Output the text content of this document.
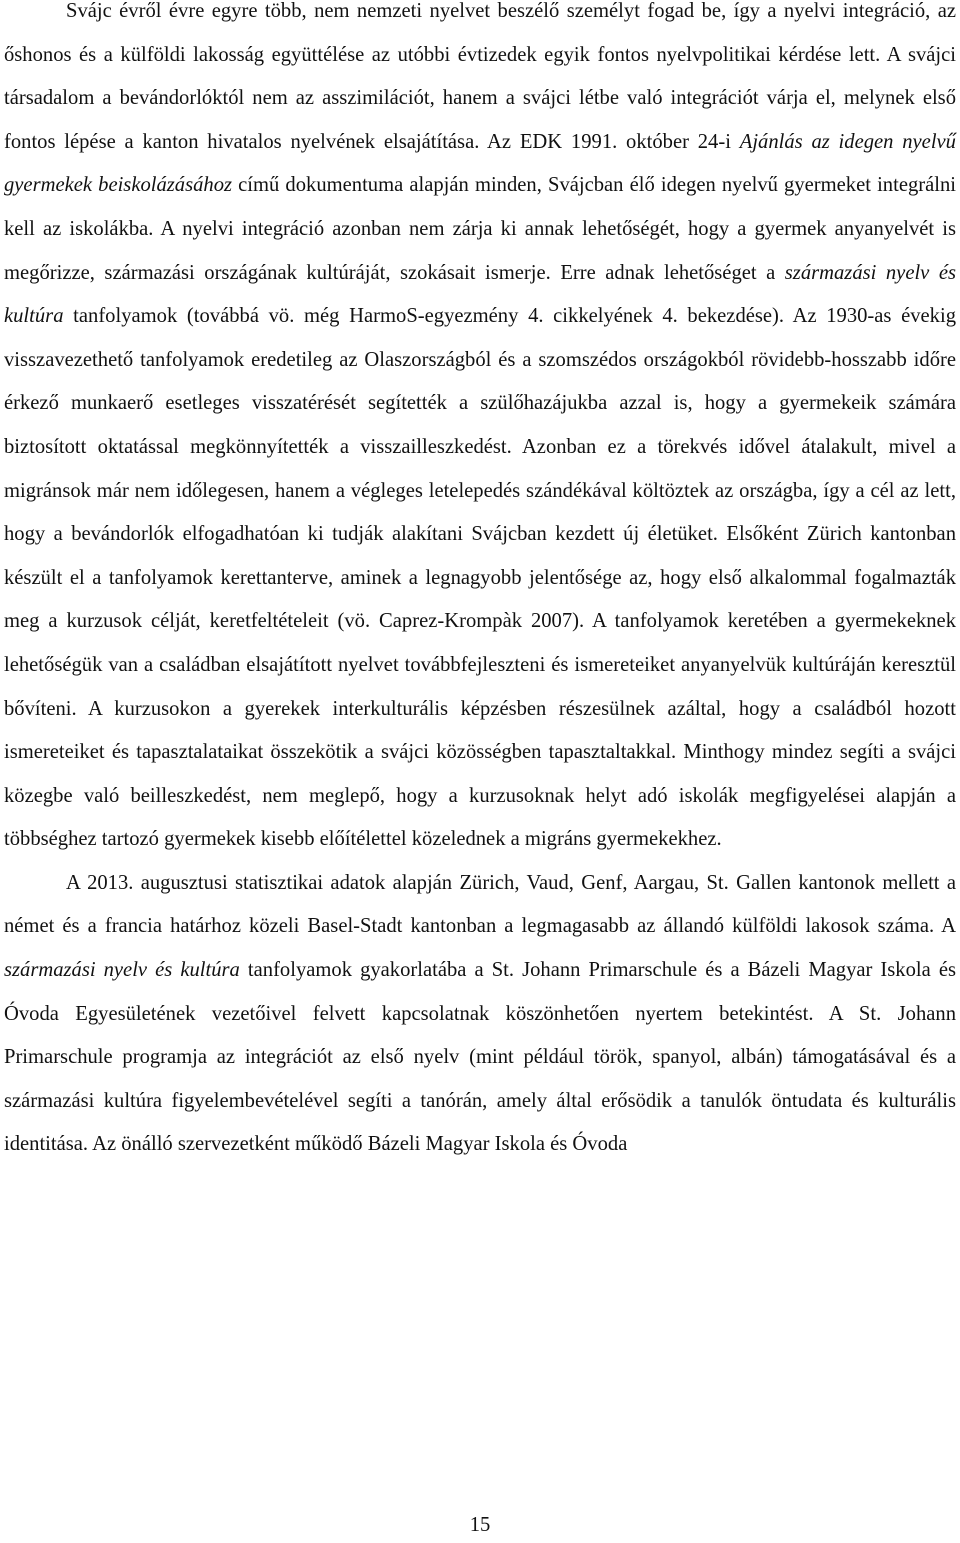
Svájc évről évre egyre több, nem nemzeti nyelvet beszélő személyt fogad be, így a nyelvi integráció, az őshonos és a külföldi lakosság együttélése az utóbbi évtizedek egyik fontos nyelvpolitikai kérdése lett. A svájci társadalom a bevándorlóktól nem az asszimilációt, hanem a svájci létbe való integrációt várja el, melynek első fontos lépése a kanton hivatalos nyelvének elsajátítása. Az EDK 1991. október 24-i Ajánlás az idegen nyelvű gyermekek beiskolázásához című dokumentuma alapján minden, Svájcban élő idegen nyelvű gyermeket integrálni kell az iskolákba. A nyelvi integráció azonban nem zárja ki annak lehetőségét, hogy a gyermek anyanyelvét is megőrizze, származási országának kultúráját, szokásait ismerje. Erre adnak lehetőséget a származási nyelv és kultúra tanfolyamok (továbbá vö. még HarmoS-egyezmény 4. cikkelyének 4. bekezdése). Az 1930-as évekig visszavezethető tanfolyamok eredetileg az Olaszországból és a szomszédos országokból rövidebb-hosszabb időre érkező munkaerő esetleges visszatérését segítették a szülőhazájukba azzal is, hogy a gyermekeik számára biztosított oktatással megkönnyítették a visszailleszkedést. Azonban ez a törekvés idővel átalakult, mivel a migránsok már nem időlegesen, hanem a végleges letelepedés szándékával költöztek az országba, így a cél az lett, hogy a bevándorlók elfogadhatóan ki tudják alakítani Svájcban kezdett új életüket. Elsőként Zürich kantonban készült el a tanfolyamok kerettanterve, aminek a legnagyobb jelentősége az, hogy első alkalommal fogalmazták meg a kurzusok célját, keretfeltételeit (vö. Caprez-Krompàk 2007). A tanfolyamok keretében a gyermekeknek lehetőségük van a családban elsajátított nyelvet továbbfejleszteni és ismereteiket anyanyelvük kultúráján keresztül bővíteni. A kurzusokon a gyerekek interkulturális képzésben részesülnek azáltal, hogy a családból hozott ismereteiket és tapasztalataikat összekötik a svájci közösségben tapasztaltakkal. Minthogy mindez segíti a svájci közegbe való beilleszkedést, nem meglepő, hogy a kurzusoknak helyt adó iskolák megfigyelései alapján a többséghez tartozó gyermekek kisebb előítélettel közelednek a migráns gyermekekhez.

A 2013. augusztusi statisztikai adatok alapján Zürich, Vaud, Genf, Aargau, St. Gallen kantonok mellett a német és a francia határhoz közeli Basel-Stadt kantonban a legmagasabb az állandó külföldi lakosok száma. A származási nyelv és kultúra tanfolyamok gyakorlatába a St. Johann Primarschule és a Bázeli Magyar Iskola és Óvoda Egyesületének vezetőivel felvett kapcsolatnak köszönhetően nyertem betekintést. A St. Johann Primarschule programja az integrációt az első nyelv (mint például török, spanyol, albán) támogatásával és a származási kultúra figyelembevételével segíti a tanórán, amely által erősödik a tanulók öntudata és kulturális identitása. Az önálló szervezetként működő Bázeli Magyar Iskola és Óvoda

15
